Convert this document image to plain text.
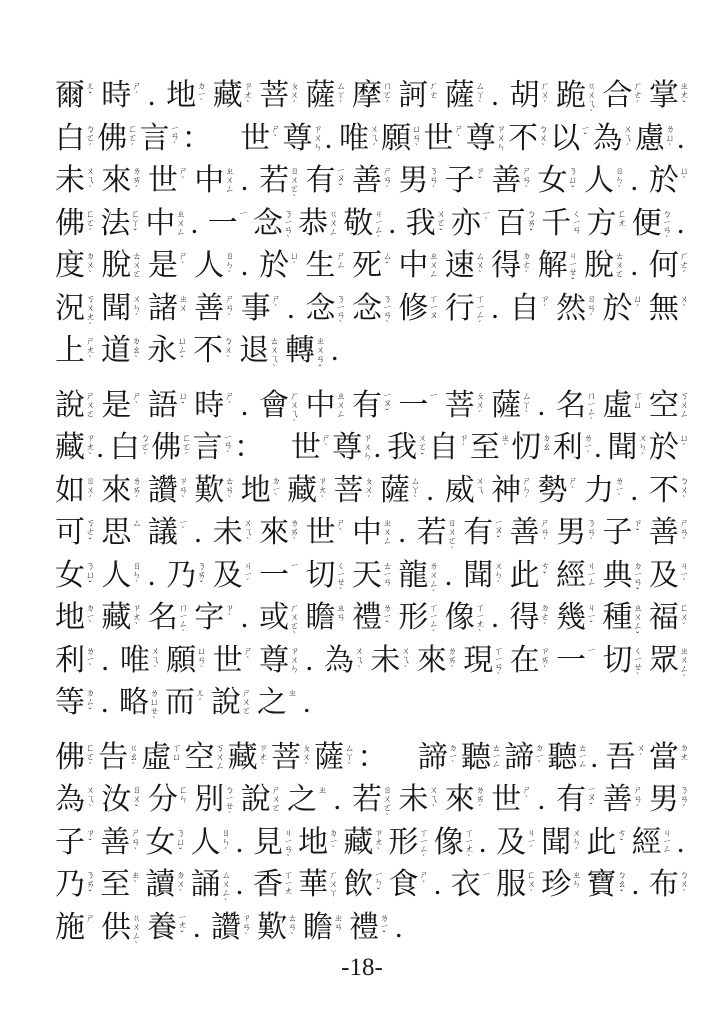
爾 ㄦˇ 時 ㄕˊ . 地 ㄉㄧˋ 藏 ㄗㄤˋ 菩 ㄆㄨˊ 薩 ㄙㄚˋ 摩 ㄇㄛˊ 訶 ㄏㄜ 薩 ㄙㄚˋ . 胡 ㄏㄨˊ 跪 ㄍㄨㄟˋ 合 ㄏㄜˊ 掌 ㄓㄤˇ
白 ㄅㄛˊ 佛 ㄈㄛˊ 言 ㄧㄢˊ ： 世 ㄕˋ 尊 ㄗㄨㄣ . 唯 ㄨㄟˊ 願 ㄩㄢˋ 世 ㄕˋ 尊 ㄗㄨㄣ 不 ㄅㄨˋ 以 ㄧˇ 為 ㄨㄟˊ 慮 ㄌㄩˋ .
未 ㄨㄟˋ 來 ㄌㄞˊ 世 ㄕˋ 中 ㄓㄨㄥ . 若 ㄖㄨㄛˋ 有 ㄧㄡˇ 善 ㄕㄢˋ 男 ㄋㄢˊ 子 ㄗˇ 善 ㄕㄢˋ 女 ㄋㄩˇ 人 ㄖㄣˊ . 於 ㄩˊ
佛 ㄈㄛˊ 法 ㄈㄚˇ 中 ㄓㄨㄥ . 一 ㄧ 念 ㄋㄧㄢˋ 恭 ㄍㄨㄥ 敬 ㄐㄧㄥˋ . 我 ㄨㄛˇ 亦 ㄧˋ 百 ㄅㄞˇ 千 ㄑㄧㄢ 方 ㄈㄤ 便 ㄅㄧㄢˋ .
度 ㄉㄨˋ 脫 ㄊㄨㄛ 是 ㄕˋ 人 ㄖㄣˊ . 於 ㄩˊ 生 ㄕㄥ 死 ㄙˇ 中 ㄓㄨㄥ 速 ㄙㄨˋ 得 ㄉㄜˊ 解 ㄐㄧㄝˇ 脫 ㄊㄨㄛ . 何 ㄏㄜˊ
況 ㄎㄨㄤˋ 聞 ㄨㄣˊ 諸 ㄓㄨ 善 ㄕㄢˋ 事 ㄕˋ . 念 ㄋㄧㄢˋ 念 ㄋㄧㄢˋ 修 ㄒㄧㄡ 行 ㄒㄧㄥˊ . 自 ㄗˋ 然 ㄖㄢˊ 於 ㄩˊ 無 ㄨˊ
上 ㄕㄤˋ 道 ㄉㄠˋ 永 ㄩㄥˇ 不 ㄅㄨˋ 退 ㄊㄨㄟˋ 轉 ㄓㄨㄢˇ .
說 ㄕㄨㄛ 是 ㄕˋ 語 ㄩˇ 時 ㄕˊ . 會 ㄏㄨㄟˋ 中 ㄓㄨㄥ 有 ㄧㄡˇ 一 ㄧ 菩 ㄆㄨˊ 薩 ㄙㄚˋ . 名 ㄇㄧㄥˊ 虛 ㄒㄩ 空 ㄎㄨㄥ
藏 ㄗㄤˋ . 白 ㄅㄛˊ 佛 ㄈㄛˊ 言 ㄧㄢˊ ： 世 ㄕˋ 尊 ㄗㄨㄣ . 我 ㄨㄛˇ 自 ㄗˋ 至 ㄓˋ 忉 ㄉㄠ 利 ㄌㄧˋ . 聞 ㄨㄣˊ 於 ㄩˊ
如 ㄖㄨˊ 來 ㄌㄞˊ 讚 ㄗㄢˋ 歎 ㄊㄢˋ 地 ㄉㄧˋ 藏 ㄗㄤˋ 菩 ㄆㄨˊ 薩 ㄙㄚˋ . 威 ㄨㄟ 神 ㄕㄣˊ 勢 ㄕˋ 力 ㄌㄧˋ . 不 ㄅㄨˋ
可 ㄎㄜˇ 思 ㄙ 議 ㄧˋ . 未 ㄨㄟˋ 來 ㄌㄞˊ 世 ㄕˋ 中 ㄓㄨㄥ . 若 ㄖㄨㄛˋ 有 ㄧㄡˇ 善 ㄕㄢˋ 男 ㄋㄢˊ 子 ㄗˇ 善 ㄕㄢˋ
女 ㄋㄩˇ 人 ㄖㄣˊ . 乃 ㄋㄞˇ 及 ㄐㄧˊ 一 ㄧ 切 ㄑㄧㄝˋ 天 ㄊㄧㄢ 龍 ㄌㄨㄥˊ . 聞 ㄨㄣˊ 此 ㄘˇ 經 ㄐㄧㄥ 典 ㄉㄧㄢˇ 及 ㄐㄧˊ
地 ㄉㄧˋ 藏 ㄗㄤˋ 名 ㄇㄧㄥˊ 字 ㄗˋ . 或 ㄏㄨㄛˋ 瞻 ㄓㄢ 禮 ㄌㄧˇ 形 ㄒㄧㄥˊ 像 ㄒㄧㄤˋ . 得 ㄉㄜˊ 幾 ㄐㄧˇ 種 ㄓㄨㄥˇ 福 ㄈㄨˊ
利 ㄌㄧˋ . 唯 ㄨㄟˊ 願 ㄩㄢˋ 世 ㄕˋ 尊 ㄗㄨㄣ . 為 ㄨㄟˋ 未 ㄨㄟˋ 來 ㄌㄞˊ 現 ㄒㄧㄢˋ 在 ㄗㄞˋ 一 ㄧ 切 ㄑㄧㄝˋ 眾 ㄓㄨㄥˋ
等 ㄉㄥˇ . 略 ㄌㄩㄝˋ 而 ㄦˊ 說 ㄕㄨㄛ 之 ㄓ .
佛 ㄈㄛˊ 告 ㄍㄠˋ 虛 ㄒㄩ 空 ㄎㄨㄥ 藏 ㄗㄤˋ 菩 ㄆㄨˊ 薩 ㄙㄚˋ ： 諦 ㄉㄧˋ 聽 ㄊㄧㄥ 諦 ㄉㄧˋ 聽 ㄊㄧㄥ . 吾 ㄨˊ 當 ㄉㄤ
為 ㄨㄟˋ 汝 ㄖㄨˇ 分 ㄈㄣ 別 ㄅㄧㄝˊ 說 ㄕㄨㄛ 之 ㄓ . 若 ㄖㄨㄛˋ 未 ㄨㄟˋ 來 ㄌㄞˊ 世 ㄕˋ . 有 ㄧㄡˇ 善 ㄕㄢˋ 男 ㄋㄢˊ
子 ㄗˇ 善 ㄕㄢˋ 女 ㄋㄩˇ 人 ㄖㄣˊ . 見 ㄐㄧㄢˋ 地 ㄉㄧˋ 藏 ㄗㄤˋ 形 ㄒㄧㄥˊ 像 ㄒㄧㄤˋ . 及 ㄐㄧˊ 聞 ㄨㄣˊ 此 ㄘˇ 經 ㄐㄧㄥ .
乃 ㄋㄞˇ 至 ㄓˋ 讀 ㄉㄨˊ 誦 ㄙㄨㄥˋ . 香 ㄒㄧㄤ 華 ㄏㄨㄚ 飲 ㄧㄣˇ 食 ㄕˊ . 衣 ㄧ 服 ㄈㄨˊ 珍 ㄓㄣ 寶 ㄅㄠˇ . 布 ㄅㄨˋ
施 ㄕ 供 ㄍㄨㄥˋ 養 ㄧㄤˇ . 讚 ㄗㄢˋ 歎 ㄊㄢˋ 瞻 ㄓㄢ 禮 ㄌㄧˇ .
-18-
